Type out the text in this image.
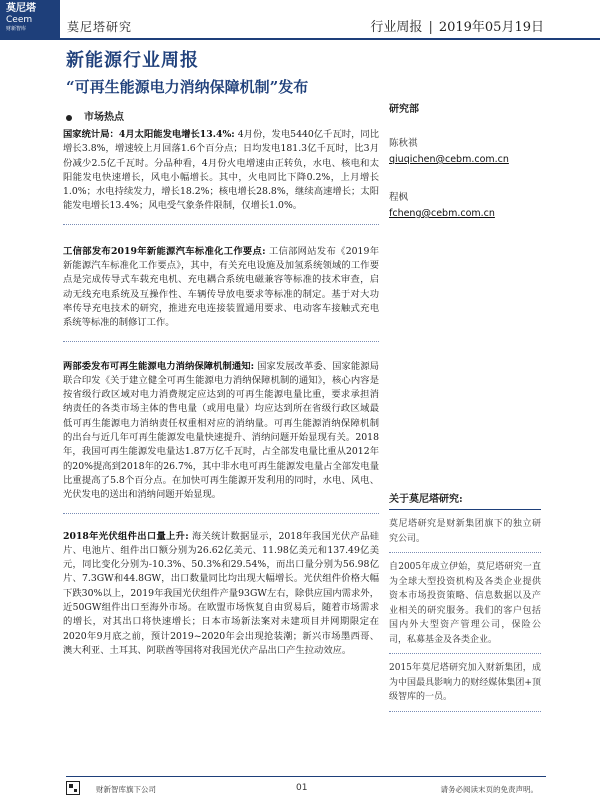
莫尼塔
Ceem
财新智库	莫尼塔研究	行业周报 | 2019年05月19日
新能源行业周报
“可再生能源电力消纳保障机制”发布
市场热点

国家统计局：4月太阳能发电增长13.4%: 4月份，发电5440亿千瓦时，同比增长3.8%，增速较上月回落1.6个百分点；日均发电181.3亿千瓦时，比3月份减少2.5亿千瓦时。分品种看，4月份火电增速由正转负，水电、核电和太阳能发电快速增长，风电小幅增长。其中，火电同比下降0.2%，上月增长1.0%；水电持续发力，增长18.2%；核电增长28.8%，继续高速增长；太阳能发电增长13.4%；风电受气象条件限制，仅增长1.0%。

工信部发布2019年新能源汽车标准化工作要点: 工信部网站发布《2019年新能源汽车标准化工作要点》，其中，有关充电设施及加氢系统领域的工作要点是完成传导式车载充电机、充电耦合系统电磁兼容等标准的技术审查，启动无线充电系统及互操作性、车辆传导放电要求等标准的制定。基于对大功率传导充电技术的研究，推进充电连接装置通用要求、电动客车接触式充电系统等标准的制修订工作。

两部委发布可再生能源电力消纳保障机制通知: 国家发展改革委、国家能源局联合印发《关于建立健全可再生能源电力消纳保障机制的通知》，核心内容是按省级行政区域对电力消费规定应达到的可再生能源电量比重，要求承担消纳责任的各类市场主体的售电量（或用电量）均应达到所在省级行政区域最低可再生能源电力消纳责任权重相对应的消纳量。可再生能源消纳保障机制的出台与近几年可再生能源发电量快速提升、消纳问题开始显现有关。2018年，我国可再生能源发电量达1.87万亿千瓦时，占全部发电量比重从2012年的20%提高到2018年的26.7%，其中非水电可再生能源发电量占全部发电量比重提高了5.8个百分点。在加快可再生能源开发利用的同时，水电、风电、光伏发电的送出和消纳问题开始显现。

2018年光伏组件出口量上升: 海关统计数据显示，2018年我国光伏产品硅片、电池片、组件出口额分别为26.62亿美元、11.98亿美元和137.49亿美元，同比变化分别为-10.3%、50.3%和29.54%，而出口量分别为56.98亿片、7.3GW和44.8GW，出口数量同比均出现大幅增长。光伏组件价格大幅下跌30%以上，2019年我国光伏组件产量93GW左右，除供应国内需求外，近50GW组件出口至海外市场。在欧盟市场恢复自由贸易后，随着市场需求的增长，对其出口将快速增长；日本市场新法案对未建项目并网期限定在2020年9月底之前，预计2019~2020年会出现抢装潮；新兴市场墨西哥、澳大利亚、土耳其、阿联酋等国将对我国光伏产品出口产生拉动效应。

研究部
陈秋祺
qiuqichen@cebm.com.cn
程枫
fcheng@cebm.com.cn
关于莫尼塔研究:

莫尼塔研究是财新集团旗下的独立研究公司。

自2005年成立伊始，莫尼塔研究一直为全球大型投资机构及各类企业提供资本市场投资策略、信息数据以及产业相关的研究服务。我们的客户包括国内外大型资产管理公司，保险公司，私募基金及各类企业。

2015年莫尼塔研究加入财新集团，成为中国最具影响力的财经媒体集团+顶级智库的一员。

财新智库旗下公司	01	请务必阅读末页的免责声明。
